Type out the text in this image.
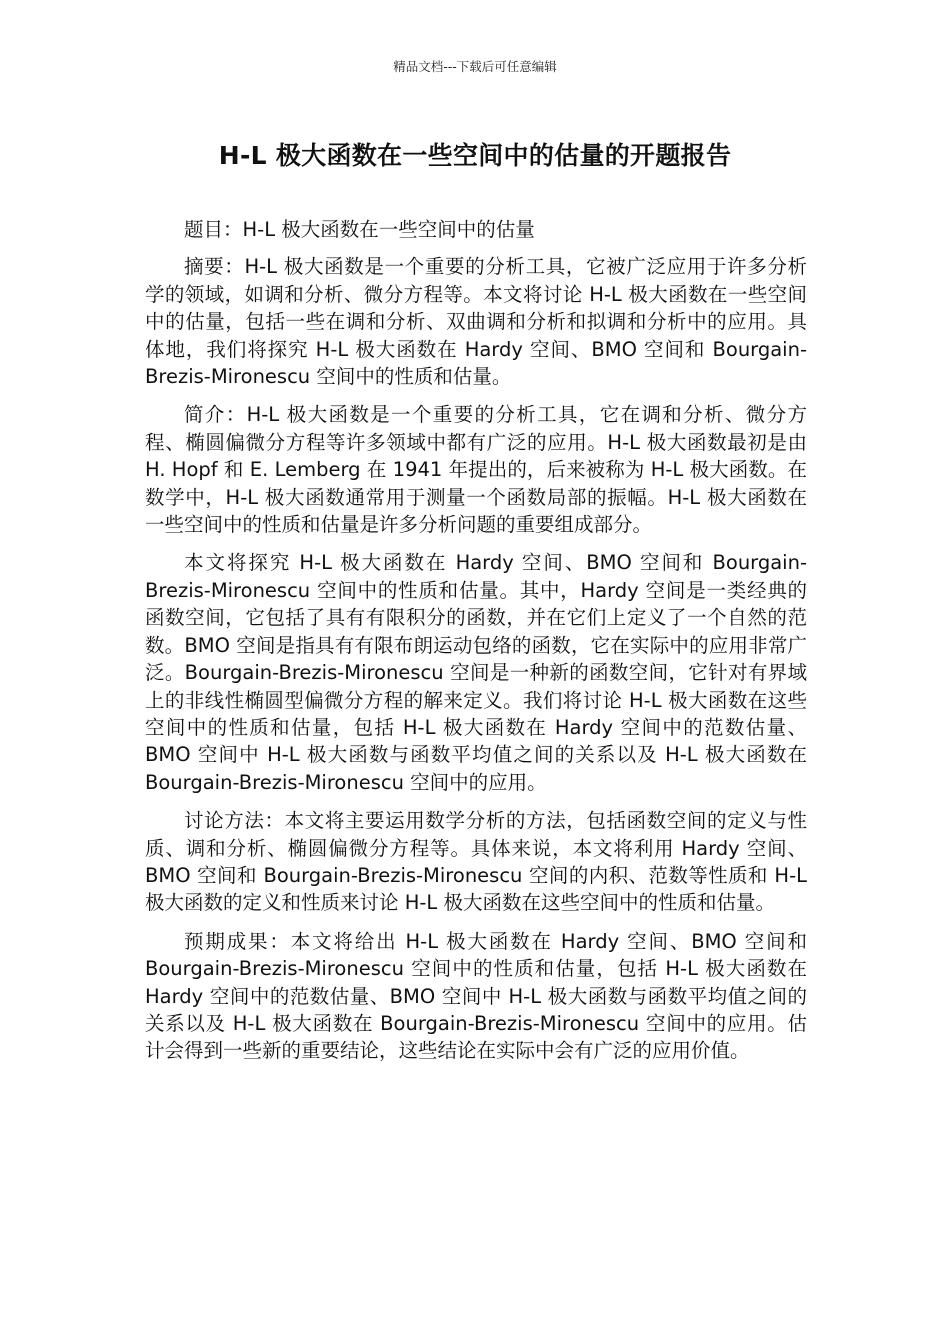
精品文档---下载后可任意编辑
H-L 极大函数在一些空间中的估量的开题报告

题目：H-L 极大函数在一些空间中的估量

摘要：H-L 极大函数是一个重要的分析工具，它被广泛应用于许多分析学的领域，如调和分析、微分方程等。本文将讨论 H-L 极大函数在一些空间中的估量，包括一些在调和分析、双曲调和分析和拟调和分析中的应用。具体地，我们将探究 H-L 极大函数在 Hardy 空间、BMO 空间和 Bourgain-Brezis-Mironescu 空间中的性质和估量。

简介：H-L 极大函数是一个重要的分析工具，它在调和分析、微分方程、椭圆偏微分方程等许多领域中都有广泛的应用。H-L 极大函数最初是由 H. Hopf 和 E. Lemberg 在 1941 年提出的，后来被称为 H-L 极大函数。在数学中，H-L 极大函数通常用于测量一个函数局部的振幅。H-L 极大函数在一些空间中的性质和估量是许多分析问题的重要组成部分。

本文将探究 H-L 极大函数在 Hardy 空间、BMO 空间和 Bourgain-Brezis-Mironescu 空间中的性质和估量。其中，Hardy 空间是一类经典的函数空间，它包括了具有有限积分的函数，并在它们上定义了一个自然的范数。BMO 空间是指具有有限布朗运动包络的函数，它在实际中的应用非常广泛。Bourgain-Brezis-Mironescu 空间是一种新的函数空间，它针对有界域上的非线性椭圆型偏微分方程的解来定义。我们将讨论 H-L 极大函数在这些空间中的性质和估量，包括 H-L 极大函数在 Hardy 空间中的范数估量、BMO 空间中 H-L 极大函数与函数平均值之间的关系以及 H-L 极大函数在 Bourgain-Brezis-Mironescu 空间中的应用。

讨论方法：本文将主要运用数学分析的方法，包括函数空间的定义与性质、调和分析、椭圆偏微分方程等。具体来说，本文将利用 Hardy 空间、BMO 空间和 Bourgain-Brezis-Mironescu 空间的内积、范数等性质和 H-L 极大函数的定义和性质来讨论 H-L 极大函数在这些空间中的性质和估量。

预期成果：本文将给出 H-L 极大函数在 Hardy 空间、BMO 空间和 Bourgain-Brezis-Mironescu 空间中的性质和估量，包括 H-L 极大函数在 Hardy 空间中的范数估量、BMO 空间中 H-L 极大函数与函数平均值之间的关系以及 H-L 极大函数在 Bourgain-Brezis-Mironescu 空间中的应用。估计会得到一些新的重要结论，这些结论在实际中会有广泛的应用价值。
